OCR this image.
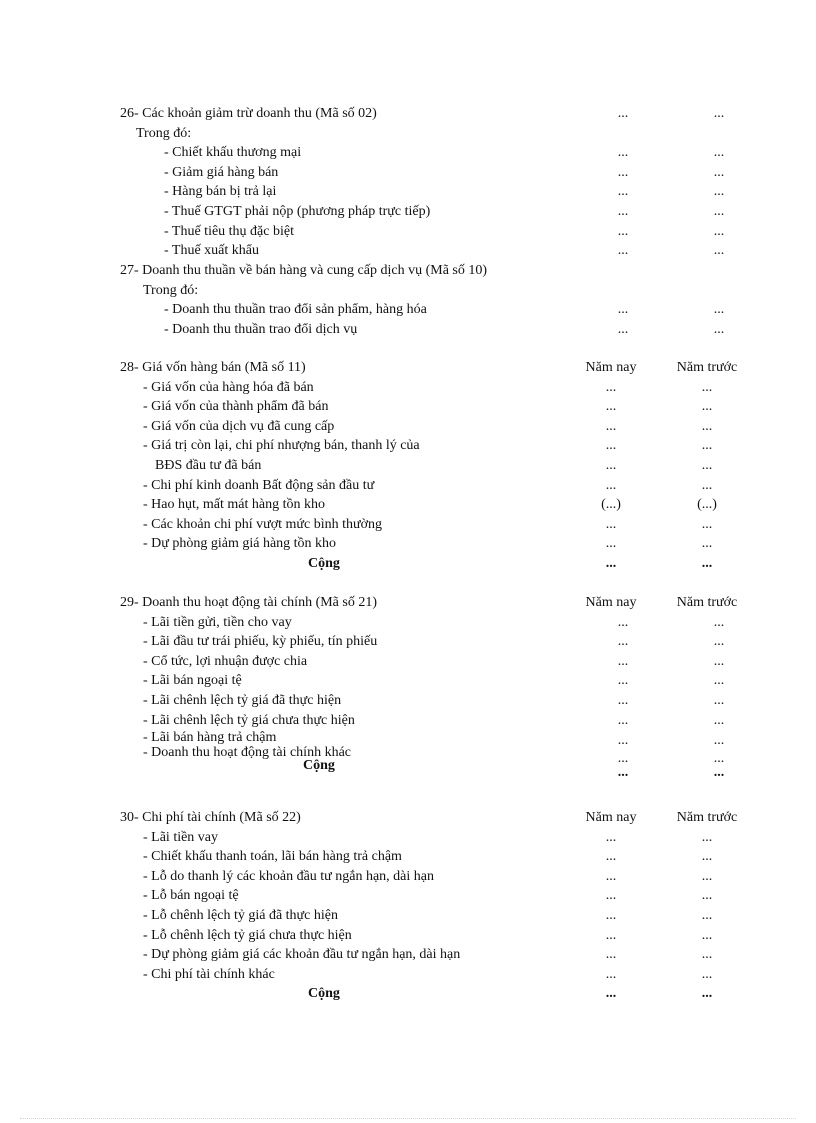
26- Các khoản giảm trừ doanh thu (Mã số 02)	...	...
Trong đó:
- Chiết khấu thương mại	...	...
- Giảm giá hàng bán	...	...
- Hàng bán bị trả lại	...	...
- Thuế GTGT phải nộp (phương pháp trực tiếp)	...	...
- Thuế tiêu thụ đặc biệt	...	...
- Thuế xuất khẩu	...	...
27- Doanh thu thuần về bán hàng và cung cấp dịch vụ (Mã số 10)
Trong đó:
- Doanh thu thuần trao đổi sản phẩm, hàng hóa	...	...
- Doanh thu thuần trao đổi dịch vụ	...	...
28- Giá vốn hàng bán (Mã số 11)	Năm nay	Năm trước
- Giá vốn của hàng hóa đã bán	...	...
- Giá vốn của thành phẩm đã bán	...	...
- Giá vốn của dịch vụ đã cung cấp	...	...
- Giá trị còn lại, chi phí nhượng bán, thanh lý của	...	...
BĐS đầu tư đã bán	...	...
- Chi phí kinh doanh Bất động sản đầu tư	...	...
- Hao hụt, mất mát hàng tồn kho	(...)	(...)
- Các khoản chi phí vượt mức bình thường	...	...
- Dự phòng giảm giá hàng tồn kho	...	...
Cộng	...	...
29- Doanh thu hoạt động tài chính (Mã số 21)	Năm nay	Năm trước
- Lãi tiền gửi, tiền cho vay	...	...
- Lãi đầu tư trái phiếu, kỳ phiếu, tín phiếu	...	...
- Cổ tức, lợi nhuận được chia	...	...
- Lãi bán ngoại tệ	...	...
- Lãi chênh lệch tỷ giá đã thực hiện	...	...
- Lãi chênh lệch tỷ giá chưa thực hiện	...	...
- Lãi bán hàng trả chậm	...	...
- Doanh thu hoạt động tài chính khác	...	...
Cộng	...	...
30- Chi phí tài chính (Mã số 22)	Năm nay	Năm trước
- Lãi tiền vay	...	...
- Chiết khấu thanh toán, lãi bán hàng trả chậm	...	...
- Lỗ do thanh lý các khoản đầu tư ngắn hạn, dài hạn	...	...
- Lỗ bán ngoại tệ	...	...
- Lỗ chênh lệch tỷ giá đã thực hiện	...	...
- Lỗ chênh lệch tỷ giá chưa thực hiện	...	...
- Dự phòng giảm giá các khoản đầu tư ngắn hạn, dài hạn	...	...
- Chi phí tài chính khác	...	...
Cộng	...	...
